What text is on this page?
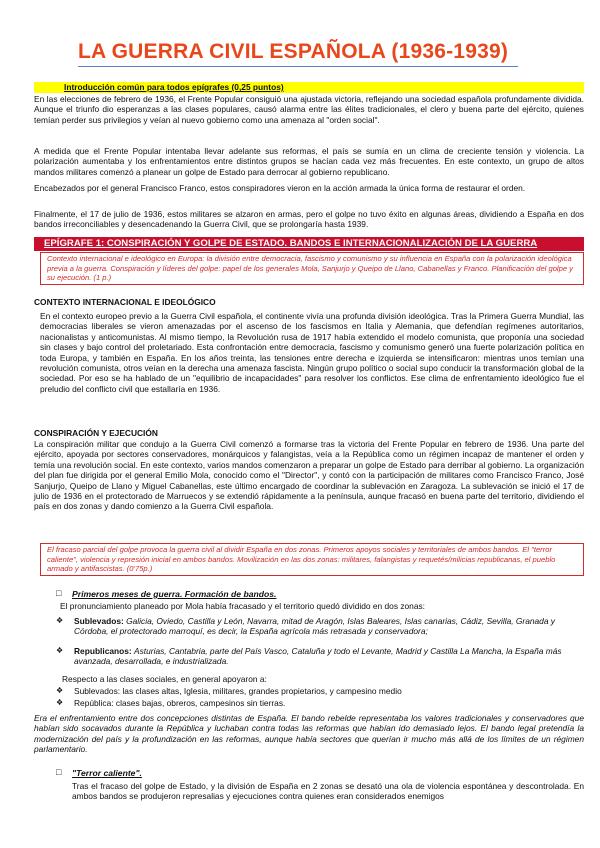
LA GUERRA CIVIL ESPAÑOLA (1936-1939)
Introducción común para todos epígrafes (0,25 puntos)
En las elecciones de febrero de 1936, el Frente Popular consiguió una ajustada victoria, reflejando una sociedad española profundamente dividida. Aunque el triunfo dio esperanzas a las clases populares, causó alarma entre las élites tradicionales, el clero y buena parte del ejército, quienes temían perder sus privilegios y veían al nuevo gobierno como una amenaza al "orden social".
A medida que el Frente Popular intentaba llevar adelante sus reformas, el país se sumía en un clima de creciente tensión y violencia. La polarización aumentaba y los enfrentamientos entre distintos grupos se hacían cada vez más frecuentes. En este contexto, un grupo de altos mandos militares comenzó a planear un golpe de Estado para derrocar al gobierno republicano.
Encabezados por el general Francisco Franco, estos conspiradores vieron en la acción armada la única forma de restaurar el orden.
Finalmente, el 17 de julio de 1936, estos militares se alzaron en armas, pero el golpe no tuvo éxito en algunas áreas, dividiendo a España en dos bandos irreconciliables y desencadenando la Guerra Civil, que se prolongaría hasta 1939.
EPÍGRAFE 1: CONSPIRACIÓN Y GOLPE DE ESTADO. BANDOS E INTERNACIONALIZACIÓN DE LA GUERRA
Contexto internacional e ideológico en Europa: la división entre democracia, fascismo y comunismo y su influencia en España con la polarización ideológica previa a la guerra. Conspiración y líderes del golpe: papel de los generales Mola, Sanjurjo y Queipo de Llano, Cabanellas y Franco. Planificación del golpe y su ejecución. (1 p.)
CONTEXTO INTERNACIONAL E IDEOLÓGICO
En el contexto europeo previo a la Guerra Civil española, el continente vivía una profunda división ideológica. Tras la Primera Guerra Mundial, las democracias liberales se vieron amenazadas por el ascenso de los fascismos en Italia y Alemania, que defendían regímenes autoritarios, nacionalistas y anticomunistas. Al mismo tiempo, la Revolución rusa de 1917 había extendido el modelo comunista, que proponía una sociedad sin clases y bajo control del proletariado. Esta confrontación entre democracia, fascismo y comunismo generó una fuerte polarización política en toda Europa, y también en España. En los años treinta, las tensiones entre derecha e izquierda se intensificaron: mientras unos temían una revolución comunista, otros veían en la derecha una amenaza fascista. Ningún grupo político o social supo conducir la transformación global de la sociedad. Por eso se ha hablado de un "equilibrio de incapacidades" para resolver los conflictos. Ese clima de enfrentamiento ideológico fue el preludio del conflicto civil que estallaría en 1936.
CONSPIRACIÓN Y EJECUCIÓN
La conspiración militar que condujo a la Guerra Civil comenzó a formarse tras la victoria del Frente Popular en febrero de 1936. Una parte del ejército, apoyada por sectores conservadores, monárquicos y falangistas, veía a la República como un régimen incapaz de mantener el orden y temía una revolución social. En este contexto, varios mandos comenzaron a preparar un golpe de Estado para derribar al gobierno. La organización del plan fue dirigida por el general Emilio Mola, conocido como el "Director", y contó con la participación de militares como Francisco Franco, José Sanjurjo, Queipo de Llano y Miguel Cabanellas, este último encargado de coordinar la sublevación en Zaragoza. La sublevación se inició el 17 de julio de 1936 en el protectorado de Marruecos y se extendió rápidamente a la península, aunque fracasó en buena parte del territorio, dividiendo el país en dos zonas y dando comienzo a la Guerra Civil española.
El fracaso parcial del golpe provoca la guerra civil al dividir España en dos zonas. Primeros apoyos sociales y territoriales de ambos bandos. El "terror caliente", violencia y represión inicial en ambos bandos. Movilización en las dos zonas: militares, falangistas y requetés/milicias republicanas, el pueblo armado y antifascistas. (0'75p.)
□ Primeros meses de guerra. Formación de bandos.
El pronunciamiento planeado por Mola había fracasado y el territorio quedó dividido en dos zonas:
❖ Sublevados: Galicia, Oviedo, Castilla y León, Navarra, mitad de Aragón, Islas Baleares, Islas canarias, Cádiz, Sevilla, Granada y Córdoba, el protectorado marroquí, es decir, la España agrícola más retrasada y conservadora;
❖ Republicanos: Asturias, Cantabria, parte del País Vasco, Cataluña y todo el Levante, Madrid y Castilla La Mancha, la España más avanzada, desarrollada, e industrializada.
Respecto a las clases sociales, en general apoyaron a:
❖ Sublevados: las clases altas, Iglesia, militares, grandes propietarios, y campesino medio
❖ República: clases bajas, obreros, campesinos sin tierras.
Era el enfrentamiento entre dos concepciones distintas de España. El bando rebelde representaba los valores tradicionales y conservadores que habían sido socavados durante la República y luchaban contra todas las reformas que habían ido demasiado lejos. El bando legal pretendía la modernización del país y la profundización en las reformas, aunque había sectores que querían ir mucho más allá de los límites de un régimen parlamentario.
□ "Terror caliente".
Tras el fracaso del golpe de Estado, y la división de España en 2 zonas se desató una ola de violencia espontánea y descontrolada. En ambos bandos se produjeron represalias y ejecuciones contra quienes eran considerados enemigos
